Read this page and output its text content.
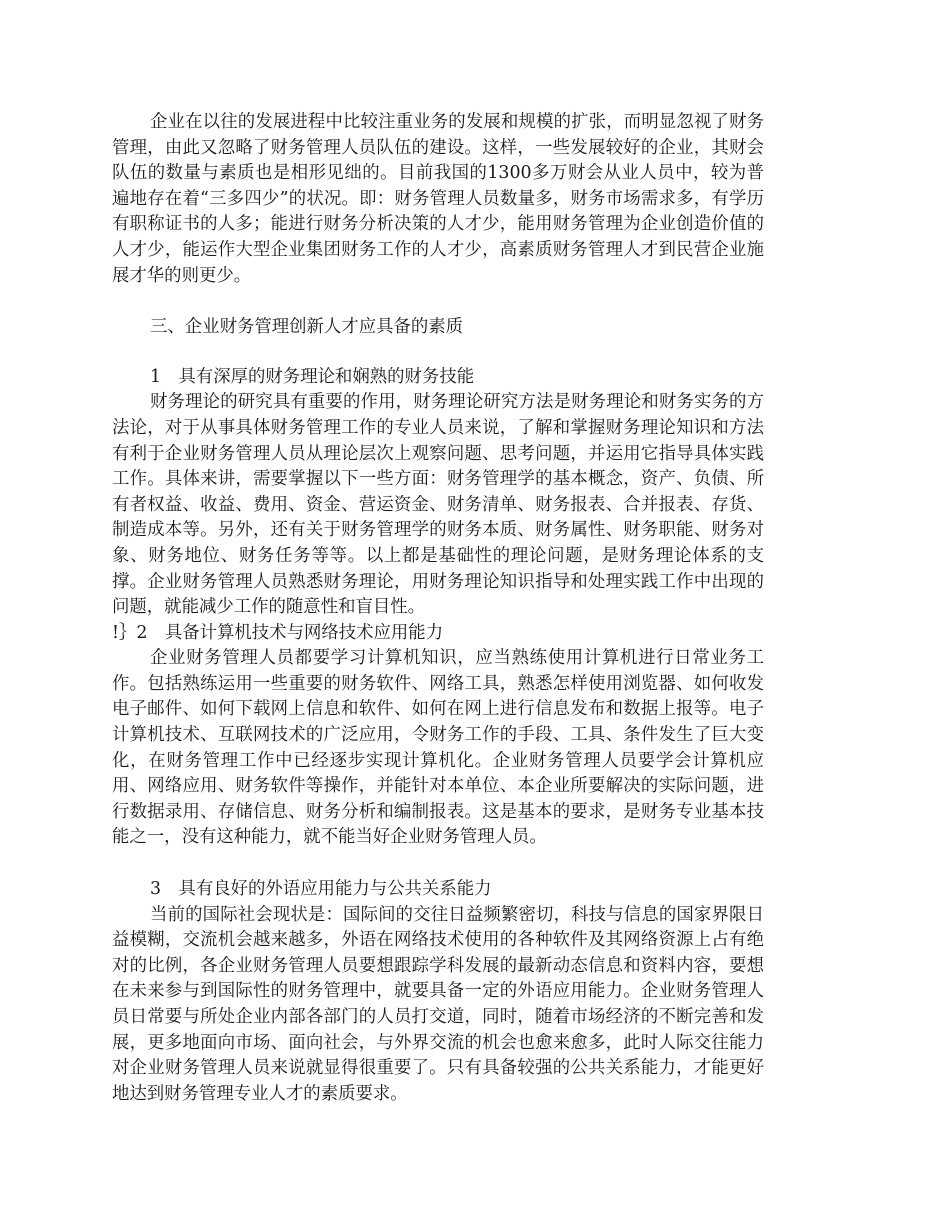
企业在以往的发展进程中比较注重业务的发展和规模的扩张，而明显忽视了财务管理，由此又忽略了财务管理人员队伍的建设。这样，一些发展较好的企业，其财会队伍的数量与素质也是相形见绌的。目前我国的1300多万财会从业人员中，较为普遍地存在着“三多四少”的状况。即：财务管理人员数量多，财务市场需求多，有学历有职称证书的人多；能进行财务分析决策的人才少，能用财务管理为企业创造价值的人才少，能运作大型企业集团财务工作的人才少，高素质财务管理人才到民营企业施展才华的则更少。

三、企业财务管理创新人才应具备的素质

1　具有深厚的财务理论和娴熟的财务技能

财务理论的研究具有重要的作用，财务理论研究方法是财务理论和财务实务的方法论，对于从事具体财务管理工作的专业人员来说，了解和掌握财务理论知识和方法有利于企业财务管理人员从理论层次上观察问题、思考问题，并运用它指导具体实践工作。具体来讲，需要掌握以下一些方面：财务管理学的基本概念，资产、负债、所有者权益、收益、费用、资金、营运资金、财务清单、财务报表、合并报表、存货、制造成本等。另外，还有关于财务管理学的财务本质、财务属性、财务职能、财务对象、财务地位、财务任务等等。以上都是基础性的理论问题，是财务理论体系的支撑。企业财务管理人员熟悉财务理论，用财务理论知识指导和处理实践工作中出现的问题，就能减少工作的随意性和盲目性。

!｝2　具备计算机技术与网络技术应用能力

企业财务管理人员都要学习计算机知识，应当熟练使用计算机进行日常业务工作。包括熟练运用一些重要的财务软件、网络工具，熟悉怎样使用浏览器、如何收发电子邮件、如何下载网上信息和软件、如何在网上进行信息发布和数据上报等。电子计算机技术、互联网技术的广泛应用，令财务工作的手段、工具、条件发生了巨大变化，在财务管理工作中已经逐步实现计算机化。企业财务管理人员要学会计算机应用、网络应用、财务软件等操作，并能针对本单位、本企业所要解决的实际问题，进行数据录用、存储信息、财务分析和编制报表。这是基本的要求，是财务专业基本技能之一，没有这种能力，就不能当好企业财务管理人员。

3　具有良好的外语应用能力与公共关系能力

当前的国际社会现状是：国际间的交往日益频繁密切，科技与信息的国家界限日益模糊，交流机会越来越多，外语在网络技术使用的各种软件及其网络资源上占有绝对的比例，各企业财务管理人员要想跟踪学科发展的最新动态信息和资料内容，要想在未来参与到国际性的财务管理中，就要具备一定的外语应用能力。企业财务管理人员日常要与所处企业内部各部门的人员打交道，同时，随着市场经济的不断完善和发展，更多地面向市场、面向社会，与外界交流的机会也愈来愈多，此时人际交往能力对企业财务管理人员来说就显得很重要了。只有具备较强的公共关系能力，才能更好地达到财务管理专业人才的素质要求。
